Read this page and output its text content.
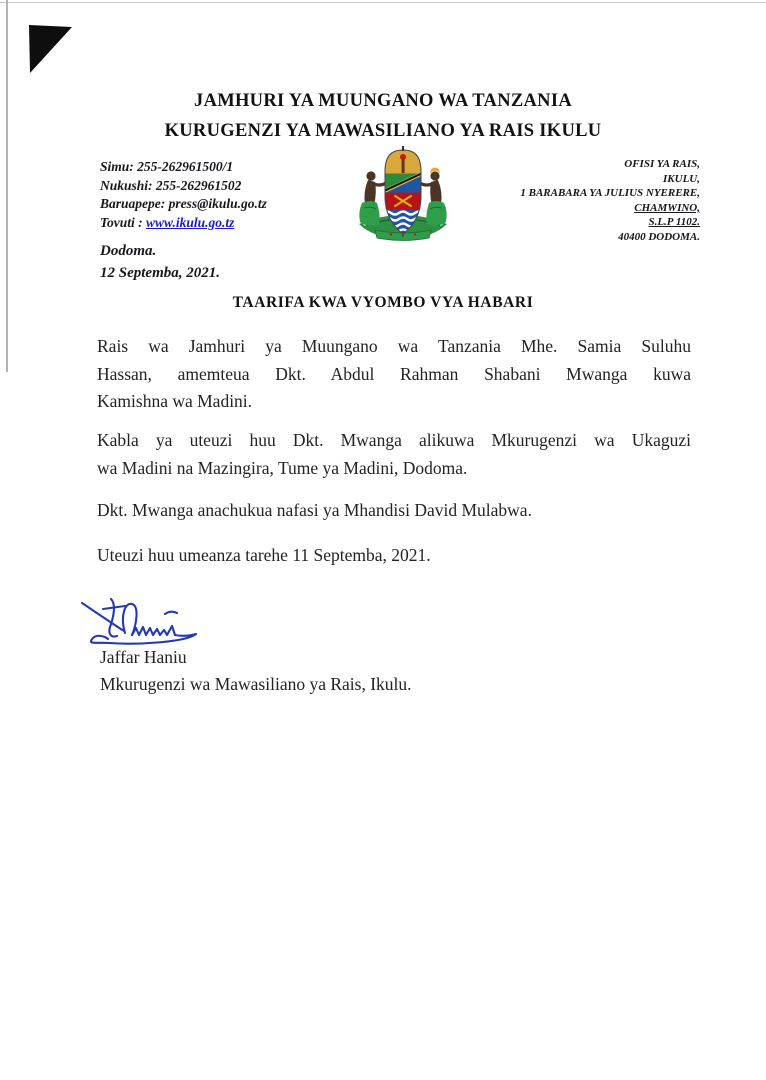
JAMHURI YA MUUNGANO WA TANZANIA
KURUGENZI YA MAWASILIANO YA RAIS IKULU
Simu: 255-262961500/1
Nukushi: 255-262961502
Baruapepe: press@ikulu.go.tz
Tovuti : www.ikulu.go.tz
OFISI YA RAIS,
IKULU,
1 BARABARA YA JULIUS NYERERE,
CHAMWINO,
S.L.P 1102.
40400 DODOMA.
Dodoma.
12 Septemba, 2021.
TAARIFA KWA VYOMBO VYA HABARI
Rais wa Jamhuri ya Muungano wa Tanzania Mhe. Samia Suluhu
Hassan, amemteua Dkt. Abdul Rahman Shabani Mwanga kuwa
Kamishna wa Madini.
Kabla ya uteuzi huu Dkt. Mwanga alikuwa Mkurugenzi wa Ukaguzi
wa Madini na Mazingira, Tume ya Madini, Dodoma.
Dkt. Mwanga anachukua nafasi ya Mhandisi David Mulabwa.
Uteuzi huu umeanza tarehe 11 Septemba, 2021.
Jaffar Haniu
Mkurugenzi wa Mawasiliano ya Rais, Ikulu.
